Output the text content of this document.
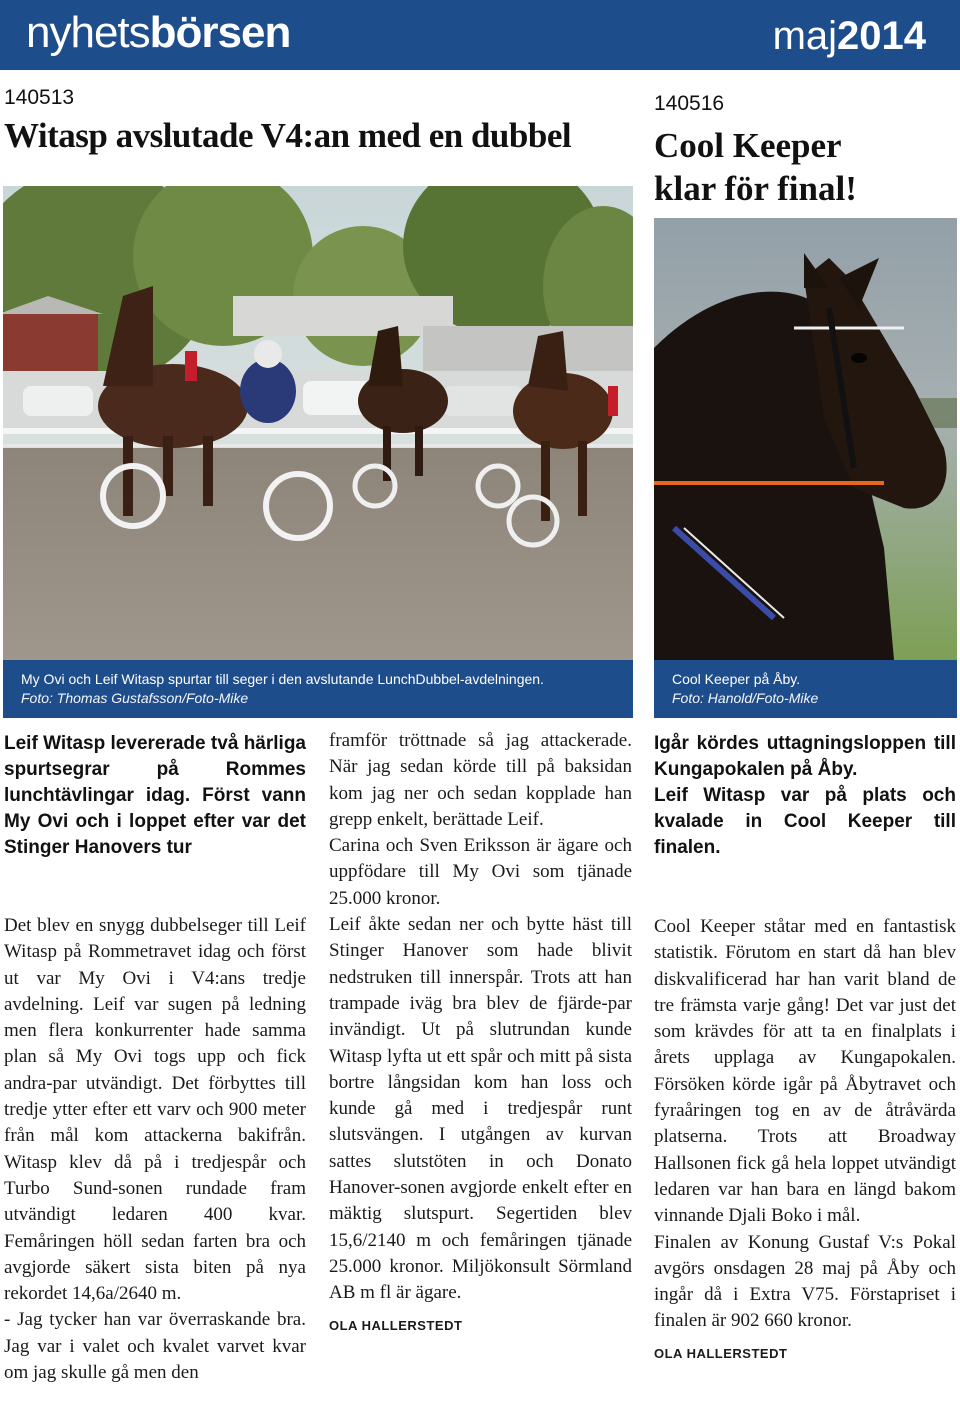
nyhetsbörsen	maj2014
140513
Witasp avslutade V4:an med en dubbel
My Ovi och Leif Witasp spurtar till seger i den avslutande LunchDubbel-avdelningen.
Foto: Thomas Gustafsson/Foto-Mike
Leif Witasp levererade två härliga spurtsegrar på Rommes lunchtävlingar idag. Först vann My Ovi och i loppet efter var det Stinger Hanovers tur

Det blev en snygg dubbelseger till Leif Witasp på Rommetravet idag och först ut var My Ovi i V4:ans tredje avdelning. Leif var sugen på ledning men flera konkurrenter hade samma plan så My Ovi togs upp och fick andra-par utvändigt. Det förbyttes till tredje ytter efter ett varv och 900 meter från mål kom attackerna bakifrån. Witasp klev då på i tredjespår och Turbo Sund-sonen rundade fram utvändigt ledaren 400 kvar. Femåringen höll sedan farten bra och avgjorde säkert sista biten på nya rekordet 14,6a/2640 m.

- Jag tycker han var överraskande bra. Jag var i valet och kvalet varvet kvar om jag skulle gå men den

framför tröttnade så jag attackerade. När jag sedan körde till på baksidan kom jag ner och sedan kopplade han grepp enkelt, berättade Leif.

Carina och Sven Eriksson är ägare och uppfödare till My Ovi som tjänade 25.000 kronor.

Leif åkte sedan ner och bytte häst till Stinger Hanover som hade blivit nedstruken till innerspår. Trots att han trampade iväg bra blev de fjärde-par invändigt. Ut på slutrundan kunde Witasp lyfta ut ett spår och mitt på sista bortre långsidan kom han loss och kunde gå med i tredjespår runt slutsvängen. I utgången av kurvan sattes slutstöten in och Donato Hanover-sonen avgjorde enkelt efter en mäktig slutspurt. Segertiden blev 15,6/2140 m och femåringen tjänade 25.000 kronor. Miljökonsult Sörmland AB m fl är ägare.

OLA HALLERSTEDT
140516
Cool Keeper
klar för final!
Cool Keeper på Åby.
Foto: Hanold/Foto-Mike
Igår kördes uttagningsloppen till Kungapokalen på Åby.
Leif Witasp var på plats och kvalade in Cool Keeper till finalen.

Cool Keeper ståtar med en fantastisk statistik. Förutom en start då han blev diskvalificerad har han varit bland de tre främsta varje gång! Det var just det som krävdes för att ta en finalplats i årets upplaga av Kungapokalen. Försöken körde igår på Åbytravet och fyraåringen tog en av de åtråvärda platserna. Trots att Broadway Hallsonen fick gå hela loppet utvändigt ledaren var han bara en längd bakom vinnande Djali Boko i mål.

Finalen av Konung Gustaf V:s Pokal avgörs onsdagen 28 maj på Åby och ingår då i Extra V75. Förstapriset i finalen är 902 660 kronor.

OLA HALLERSTEDT
